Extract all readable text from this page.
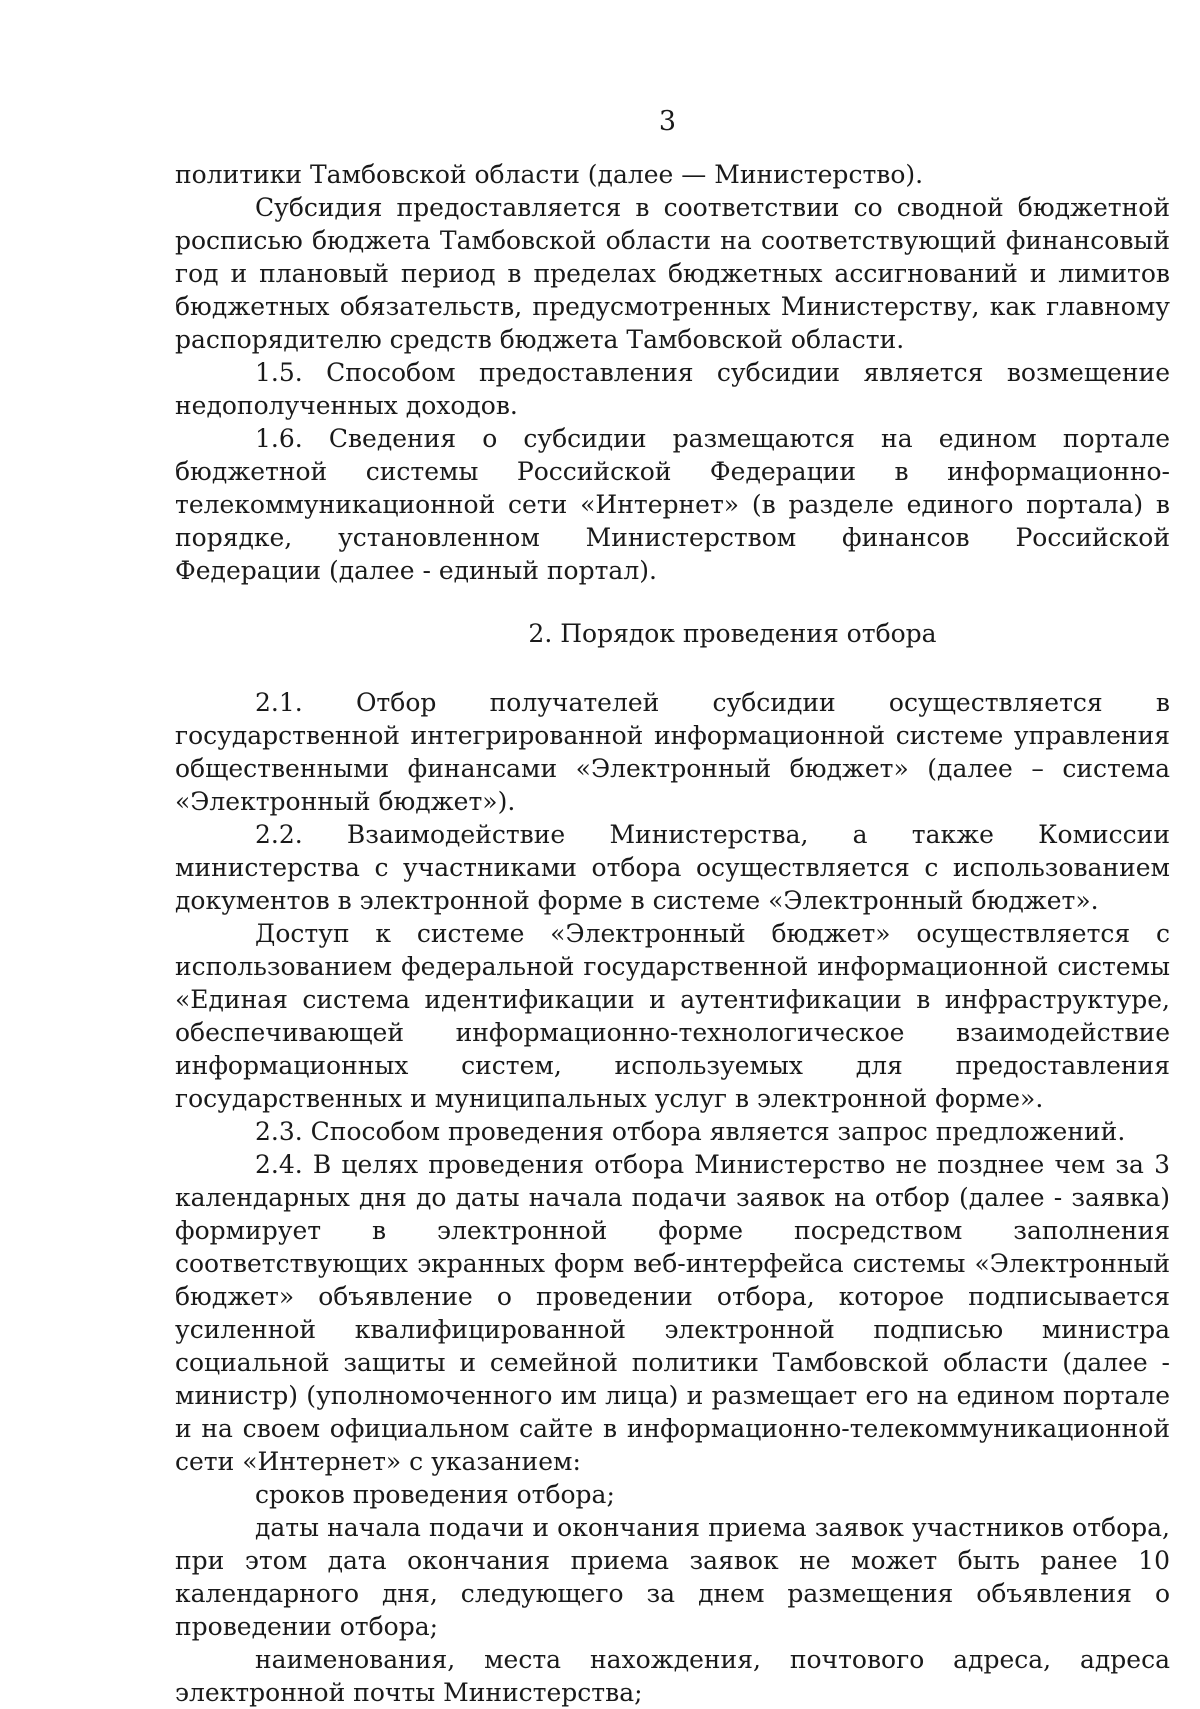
3

политики Тамбовской области (далее — Министерство).

Субсидия предоставляется в соответствии со сводной бюджетной росписью бюджета Тамбовской области на соответствующий финансовый год и плановый период в пределах бюджетных ассигнований и лимитов бюджетных обязательств, предусмотренных Министерству, как главному распорядителю средств бюджета Тамбовской области.

1.5. Способом предоставления субсидии является возмещение недополученных доходов.

1.6. Сведения о субсидии размещаются на едином портале бюджетной системы Российской Федерации в информационно-телекоммуникационной сети «Интернет» (в разделе единого портала) в порядке, установленном Министерством финансов Российской Федерации (далее - единый портал).

2. Порядок проведения отбора

2.1. Отбор получателей субсидии осуществляется в государственной интегрированной информационной системе управления общественными финансами «Электронный бюджет» (далее – система «Электронный бюджет»).

2.2. Взаимодействие Министерства, а также Комиссии министерства с участниками отбора осуществляется с использованием документов в электронной форме в системе «Электронный бюджет».

Доступ к системе «Электронный бюджет» осуществляется с использованием федеральной государственной информационной системы «Единая система идентификации и аутентификации в инфраструктуре, обеспечивающей информационно-технологическое взаимодействие информационных систем, используемых для предоставления государственных и муниципальных услуг в электронной форме».

2.3. Способом проведения отбора является запрос предложений.

2.4. В целях проведения отбора Министерство не позднее чем за 3 календарных дня до даты начала подачи заявок на отбор (далее - заявка) формирует в электронной форме посредством заполнения соответствующих экранных форм веб-интерфейса системы «Электронный бюджет» объявление о проведении отбора, которое подписывается усиленной квалифицированной электронной подписью министра социальной защиты и семейной политики Тамбовской области (далее - министр) (уполномоченного им лица) и размещает его на едином портале и на своем официальном сайте в информационно-телекоммуникационной сети «Интернет» с указанием:

сроков проведения отбора;

даты начала подачи и окончания приема заявок участников отбора, при этом дата окончания приема заявок не может быть ранее 10 календарного дня, следующего за днем размещения объявления о проведении отбора;

наименования, места нахождения, почтового адреса, адреса электронной почты Министерства;
